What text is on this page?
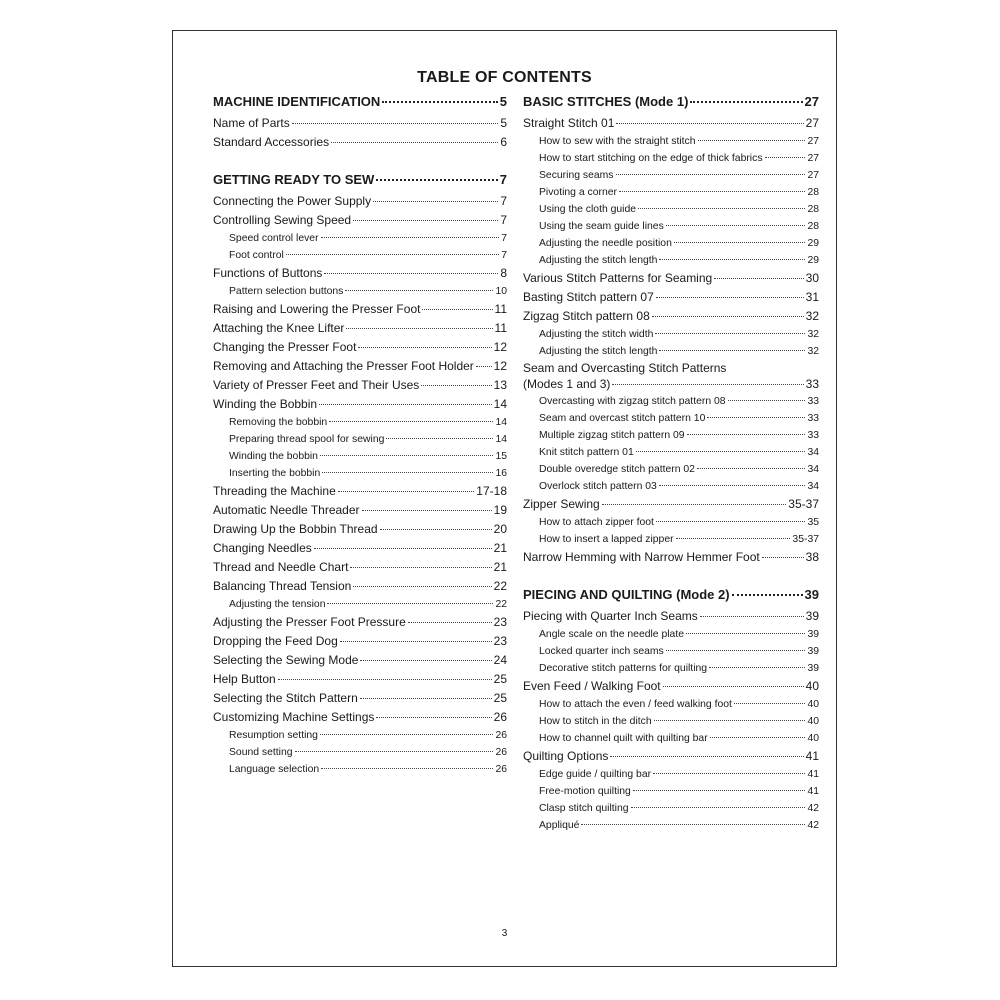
TABLE OF CONTENTS
MACHINE IDENTIFICATION	5
Name of Parts	5
Standard Accessories	6
GETTING READY TO SEW	7
Connecting the Power Supply	7
Controlling Sewing Speed	7
Speed control lever	7
Foot control	7
Functions of Buttons	8
Pattern selection buttons	10
Raising and Lowering the Presser Foot	11
Attaching the Knee Lifter	11
Changing the Presser Foot	12
Removing and Attaching the Presser Foot Holder 12
Variety of Presser Feet and Their Uses	13
Winding the Bobbin	14
Removing the bobbin	14
Preparing thread spool for sewing	14
Winding the bobbin	15
Inserting the bobbin	16
Threading the Machine	17-18
Automatic Needle Threader	19
Drawing Up the Bobbin Thread	20
Changing Needles	21
Thread and Needle Chart	21
Balancing Thread Tension	22
Adjusting the tension	22
Adjusting the Presser Foot Pressure	23
Dropping the Feed Dog	23
Selecting the Sewing Mode	24
Help Button	25
Selecting the Stitch Pattern	25
Customizing Machine Settings	26
Resumption setting	26
Sound setting	26
Language selection	26
BASIC STITCHES (Mode 1)	27
Straight Stitch 01	27
How to sew with the straight stitch	27
How to start stitching on the edge of thick fabrics	27
Securing seams	27
Pivoting a corner	28
Using the cloth guide	28
Using the seam guide lines	28
Adjusting the needle position	29
Adjusting the stitch length	29
Various Stitch Patterns for Seaming	30
Basting Stitch pattern 07	31
Zigzag Stitch pattern 08	32
Adjusting the stitch width	32
Adjusting the stitch length	32
Seam and Overcasting Stitch Patterns
(Modes 1 and 3)	33
Overcasting with zigzag stitch pattern 08	33
Seam and overcast stitch pattern 10	33
Multiple zigzag stitch pattern 09	33
Knit stitch pattern 01	34
Double overedge stitch pattern 02	34
Overlock stitch pattern 03	34
Zipper Sewing	35-37
How to attach zipper foot	35
How to insert a lapped zipper	35-37
Narrow Hemming with Narrow Hemmer Foot	38
PIECING AND QUILTING (Mode 2)	39
Piecing with Quarter Inch Seams	39
Angle scale on the needle plate	39
Locked quarter inch seams	39
Decorative stitch patterns for quilting	39
Even Feed / Walking Foot	40
How to attach the even / feed walking foot	40
How to stitch in the ditch	40
How to channel quilt with quilting bar	40
Quilting Options	41
Edge guide / quilting bar	41
Free-motion quilting	41
Clasp stitch quilting	42
Appliqué	42
3
